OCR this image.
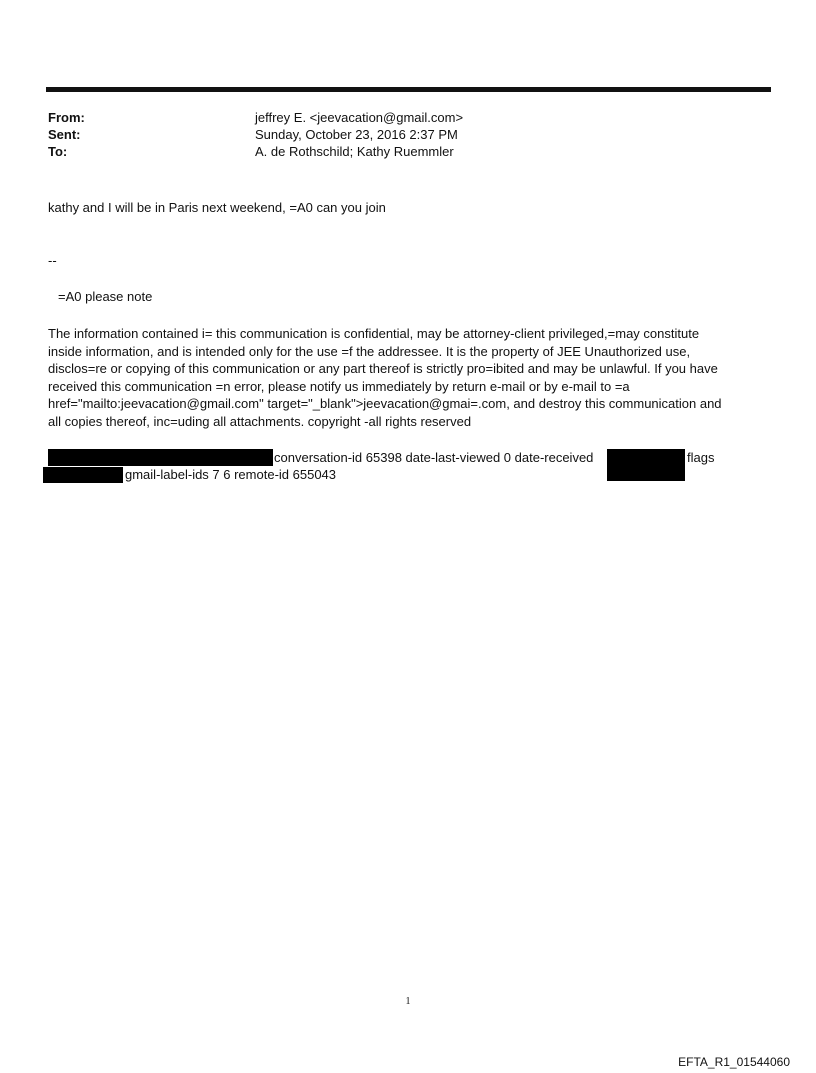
From:	jeffrey E. <jeevacation@gmail.com>
Sent:	Sunday, October 23, 2016 2:37 PM
To:	A. de Rothschild; Kathy Ruemmler
kathy and I will be in Paris next weekend, =A0 can you join
--
=A0 please note
The information contained i= this communication is confidential, may be attorney-client privileged,=may constitute
inside information, and is intended only for the use =f the addressee. It is the property of JEE Unauthorized use,
disclos=re or copying of this communication or any part thereof is strictly pro=ibited and may be unlawful. If you have
received this communication =n error, please notify us immediately by return e-mail or by e-mail to =a
href="mailto:jeevacation@gmail.com" target="_blank">jeevacation@gmai=.com, and destroy this communication and
all copies thereof, inc=uding all attachments. copyright -all rights reserved
conversation-id 65398 date-last-viewed 0 date-received	flags
gmail-label-ids 7 6 remote-id 655043
1
EFTA_R1_01544060
